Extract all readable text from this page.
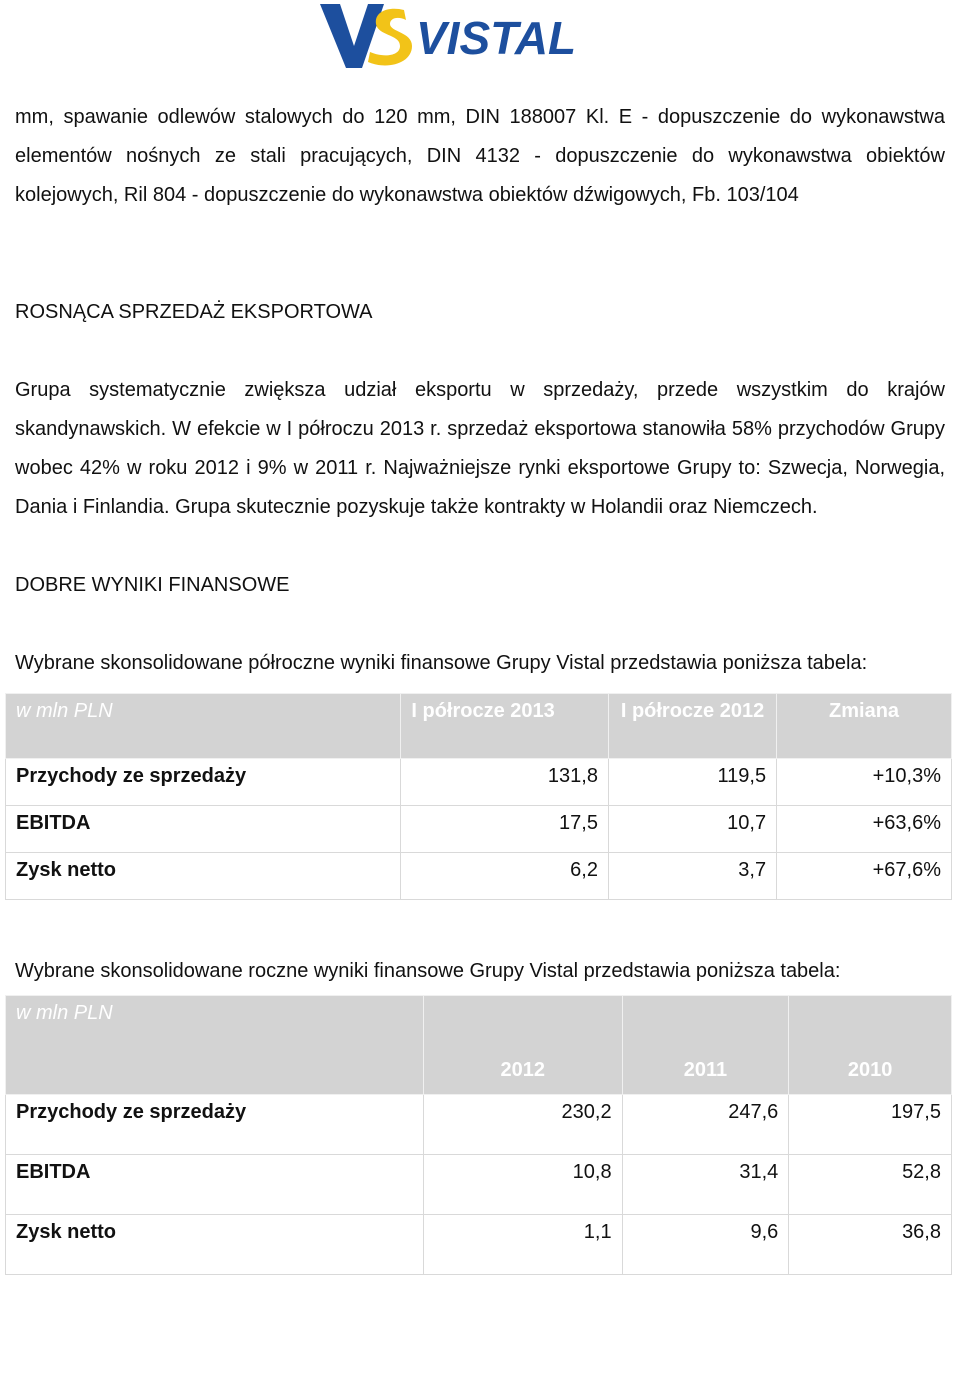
VISTAL

mm, spawanie odlewów stalowych do 120 mm, DIN 188007 Kl. E - dopuszczenie do wykonawstwa elementów nośnych ze stali pracujących, DIN 4132 - dopuszczenie do wykonawstwa obiektów kolejowych, Ril 804 - dopuszczenie do wykonawstwa obiektów dźwigowych, Fb. 103/104

ROSNĄCA SPRZEDAŻ EKSPORTOWA

Grupa systematycznie zwiększa udział eksportu w sprzedaży, przede wszystkim do krajów skandynawskich. W efekcie w I półroczu 2013 r. sprzedaż eksportowa stanowiła 58% przychodów Grupy wobec 42% w roku 2012 i 9% w 2011 r. Najważniejsze rynki eksportowe Grupy to: Szwecja, Norwegia, Dania i Finlandia. Grupa skutecznie pozyskuje także kontrakty w Holandii oraz Niemczech.

DOBRE WYNIKI FINANSOWE

Wybrane skonsolidowane półroczne wyniki finansowe Grupy Vistal przedstawia poniższa tabela:

w mln PLN	I półrocze 2013	I półrocze 2012	Zmiana
Przychody ze sprzedaży	131,8	119,5	+10,3%
EBITDA	17,5	10,7	+63,6%
Zysk netto	6,2	3,7	+67,6%

Wybrane skonsolidowane roczne wyniki finansowe Grupy Vistal przedstawia poniższa tabela:

w mln PLN	2012	2011	2010
Przychody ze sprzedaży	230,2	247,6	197,5
EBITDA	10,8	31,4	52,8
Zysk netto	1,1	9,6	36,8
